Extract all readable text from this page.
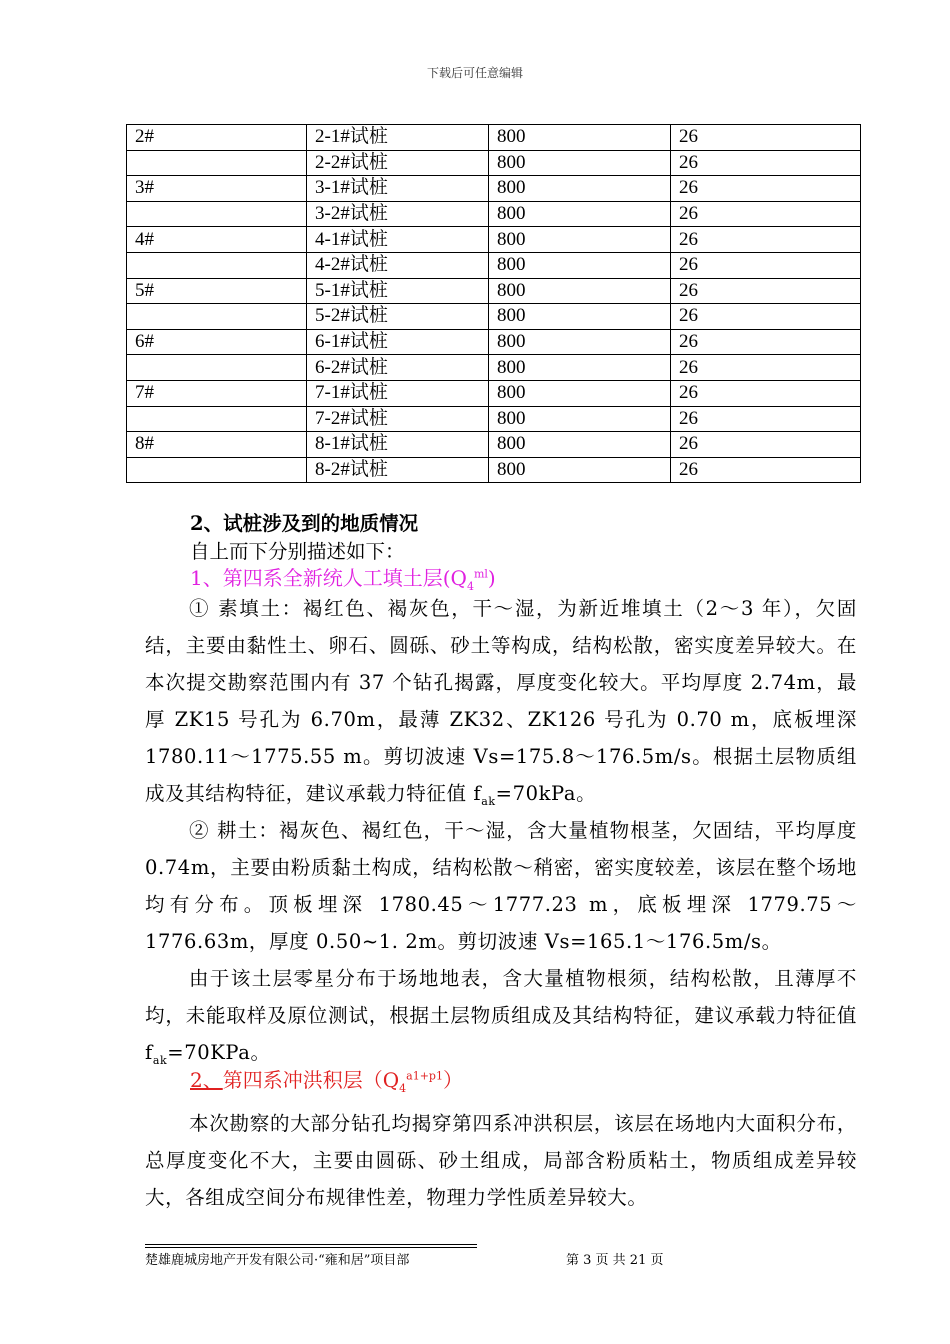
下载后可任意编辑
2#	2-1#试桩	800	26
	2-2#试桩	800	26
3#	3-1#试桩	800	26
	3-2#试桩	800	26
4#	4-1#试桩	800	26
	4-2#试桩	800	26
5#	5-1#试桩	800	26
	5-2#试桩	800	26
6#	6-1#试桩	800	26
	6-2#试桩	800	26
7#	7-1#试桩	800	26
	7-2#试桩	800	26
8#	8-1#试桩	800	26
	8-2#试桩	800	26
2、试桩涉及到的地质情况
自上而下分别描述如下：
1、第四系全新统人工填土层$(Q_4^{ml})$

① 素填土：褐红色、褐灰色，干～湿，为新近堆填土（2～3 年），欠固结，主要由黏性土、卵石、圆砾、砂土等构成，结构松散，密实度差异较大。在本次提交勘察范围内有 37 个钻孔揭露，厚度变化较大。平均厚度 2.74m，最厚 ZK15 号孔为 6.70m，最薄 ZK32、ZK126 号孔为 0.70 m，底板埋深 1780.11～1775.55 m。剪切波速 Vs=175.8～176.5m/s。根据土层物质组成及其结构特征，建议承载力特征值 $f_{ak}=70kPa$。

② 耕土：褐灰色、褐红色，干～湿，含大量植物根茎，欠固结，平均厚度 0.74m，主要由粉质黏土构成，结构松散～稍密，密实度较差，该层在整个场地均有分布。顶板埋深 1780.45～1777.23 m，底板埋深 1779.75～1776.63m，厚度 0.50~1. 2m。剪切波速 Vs=165.1～176.5m/s。

由于该土层零星分布于场地地表，含大量植物根须，结构松散，且薄厚不均，未能取样及原位测试，根据土层物质组成及其结构特征，建议承载力特征值 $f_{ak}=70KPa$。

2、第四系冲洪积层$(Q_4^{a1+p1})$

本次勘察的大部分钻孔均揭穿第四系冲洪积层，该层在场地内大面积分布，总厚度变化不大，主要由圆砾、砂土组成，局部含粉质粘土，物质组成差异较大，各组成空间分布规律性差，物理力学性质差异较大。

楚雄鹿城房地产开发有限公司·“雍和居”项目部	第 3 页 共 21 页
